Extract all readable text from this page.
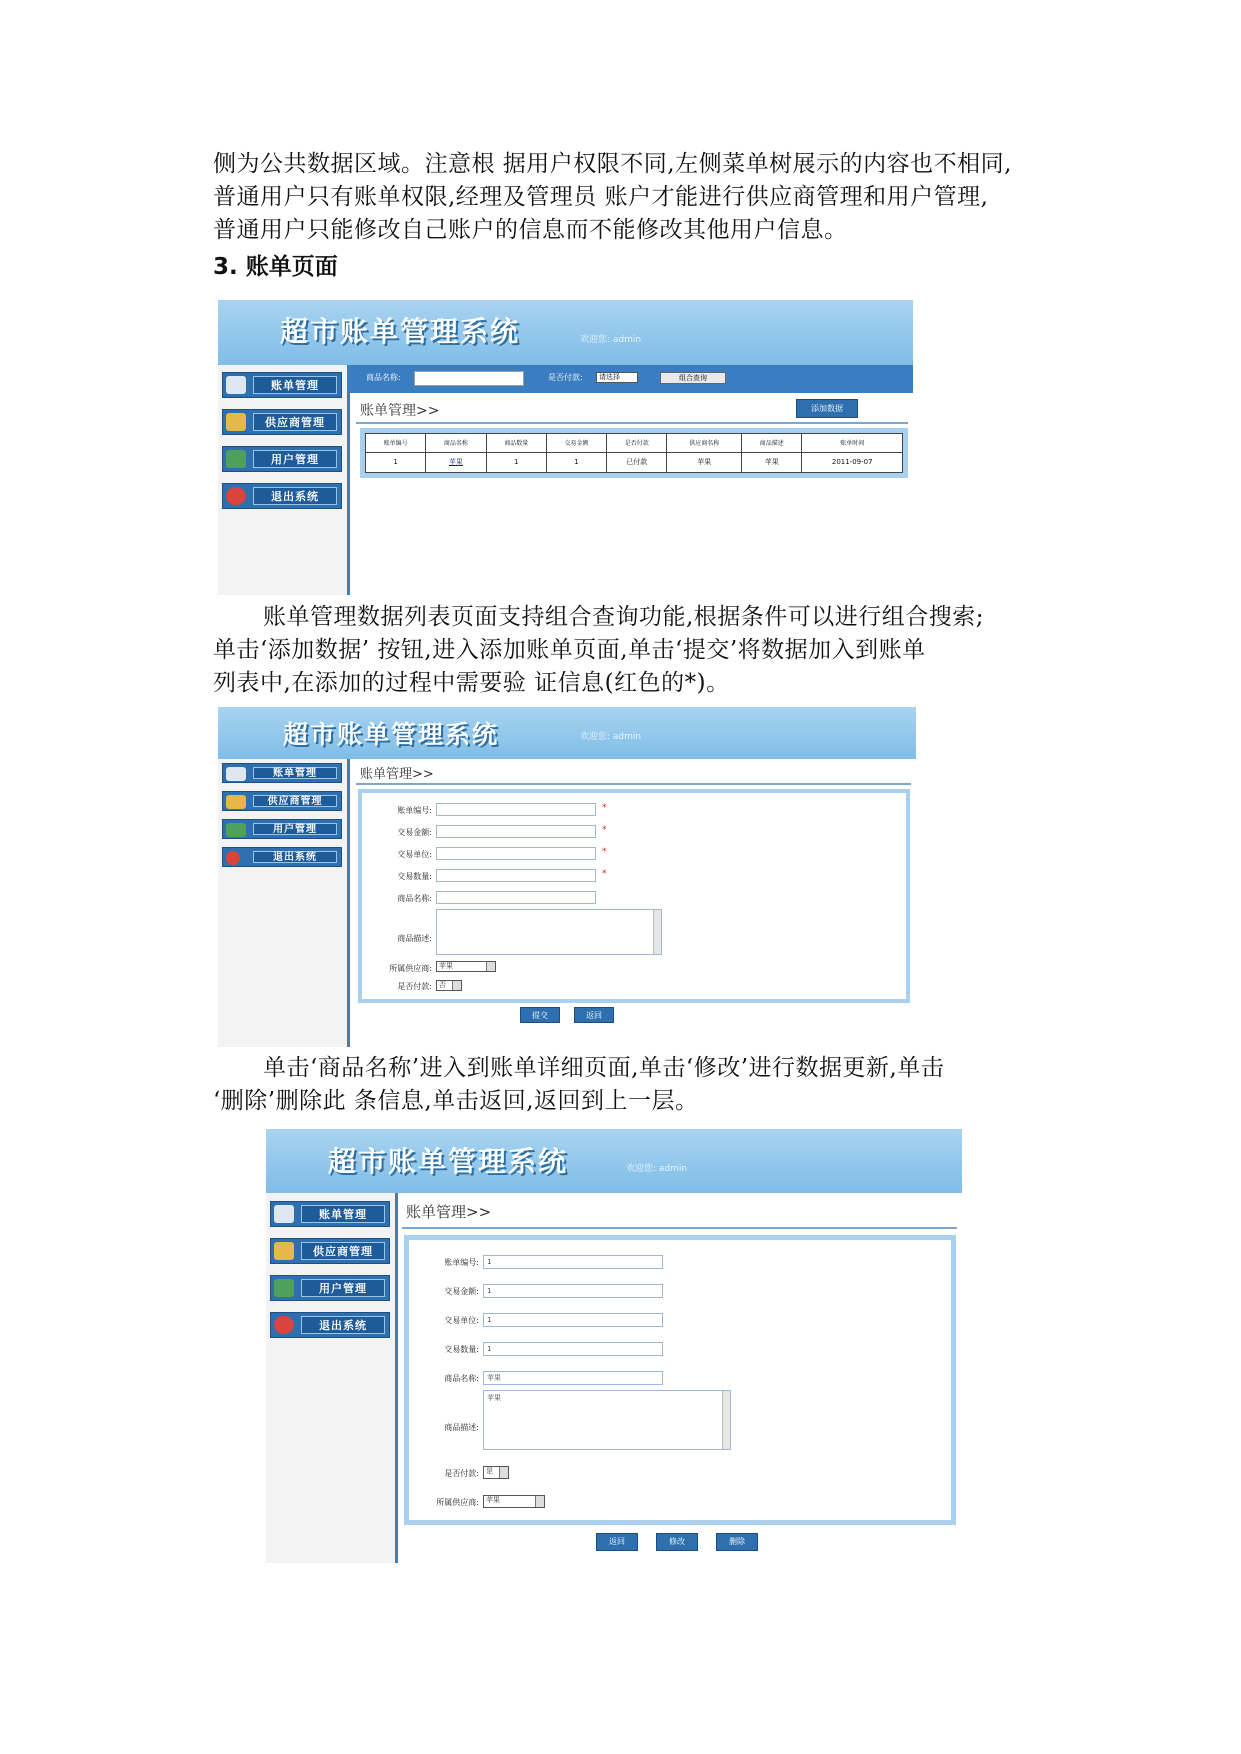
侧为公共数据区域。注意根 据用户权限不同,左侧菜单树展示的内容也不相同,
普通用户只有账单权限,经理及管理员 账户才能进行供应商管理和用户管理,
普通用户只能修改自己账户的信息而不能修改其他用户信息。
3. 账单页面
超市账单管理系统	欢迎您: admin
账单管理
供应商管理
用户管理
退出系统
商品名称:	是否付款:	请选择	组合查询
账单管理>>	添加数据
账单编号	商品名称	商品数量	交易金额	是否付款	供应商名称	商品描述	账单时间
1	苹果	1	1	已付款	苹果	苹果	2011-09-07
账单管理数据列表页面支持组合查询功能,根据条件可以进行组合搜索;
单击‘添加数据’ 按钮,进入添加账单页面,单击‘提交’将数据加入到账单
列表中,在添加的过程中需要验 证信息(红色的*)。
超市账单管理系统	欢迎您: admin
账单管理
供应商管理
用户管理
退出系统
账单管理>>
账单编号:	*
交易金额:	*
交易单位:	*
交易数量:	*
商品名称:
商品描述:
所属供应商:	苹果
是否付款:	否
提交	返回
单击‘商品名称’进入到账单详细页面,单击‘修改’进行数据更新,单击
‘删除’删除此 条信息,单击返回,返回到上一层。
超市账单管理系统	欢迎您: admin
账单管理
供应商管理
用户管理
退出系统
账单管理>>
账单编号:	1
交易金额:	1
交易单位:	1
交易数量:	1
商品名称:	苹果
商品描述:
苹果
是否付款:	是
所属供应商:	苹果
返回	修改	删除
